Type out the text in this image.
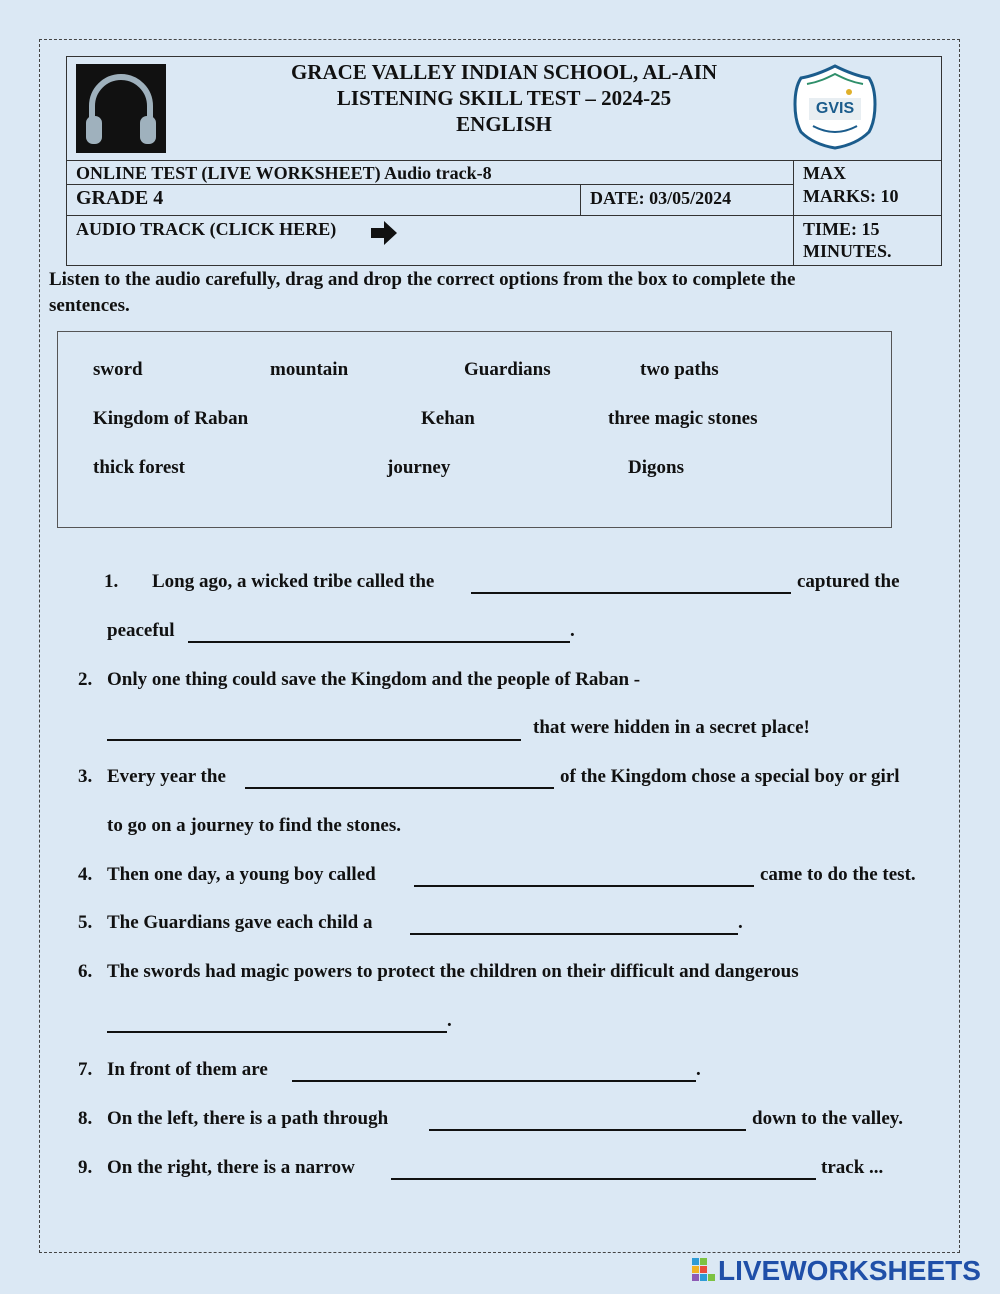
GRACE VALLEY INDIAN SCHOOL, AL-AIN
LISTENING SKILL TEST – 2024-25
ENGLISH
GVIS
ONLINE TEST (LIVE WORKSHEET) Audio track-8	MAX
MARKS: 10
GRADE 4	DATE: 03/05/2024
AUDIO TRACK (CLICK HERE)	TIME: 15
MINUTES.
Listen to the audio carefully, drag and drop the correct options from the box to complete the
sentences.
sword	mountain	Guardians	two paths
Kingdom of Raban	Kehan	three magic stones
thick forest	journey	Digons
1. Long ago, a wicked tribe called the	captured the
peaceful	.
2. Only one thing could save the Kingdom and the people of Raban -
that were hidden in a secret place!
3. Every year the	of the Kingdom chose a special boy or girl
to go on a journey to find the stones.
4. Then one day, a young boy called	came to do the test.
5. The Guardians gave each child a	.
6. The swords had magic powers to protect the children on their difficult and dangerous
.
7. In front of them are	.
8. On the left, there is a path through	down to the valley.
9. On the right, there is a narrow	track ...
LIVEWORKSHEETS
